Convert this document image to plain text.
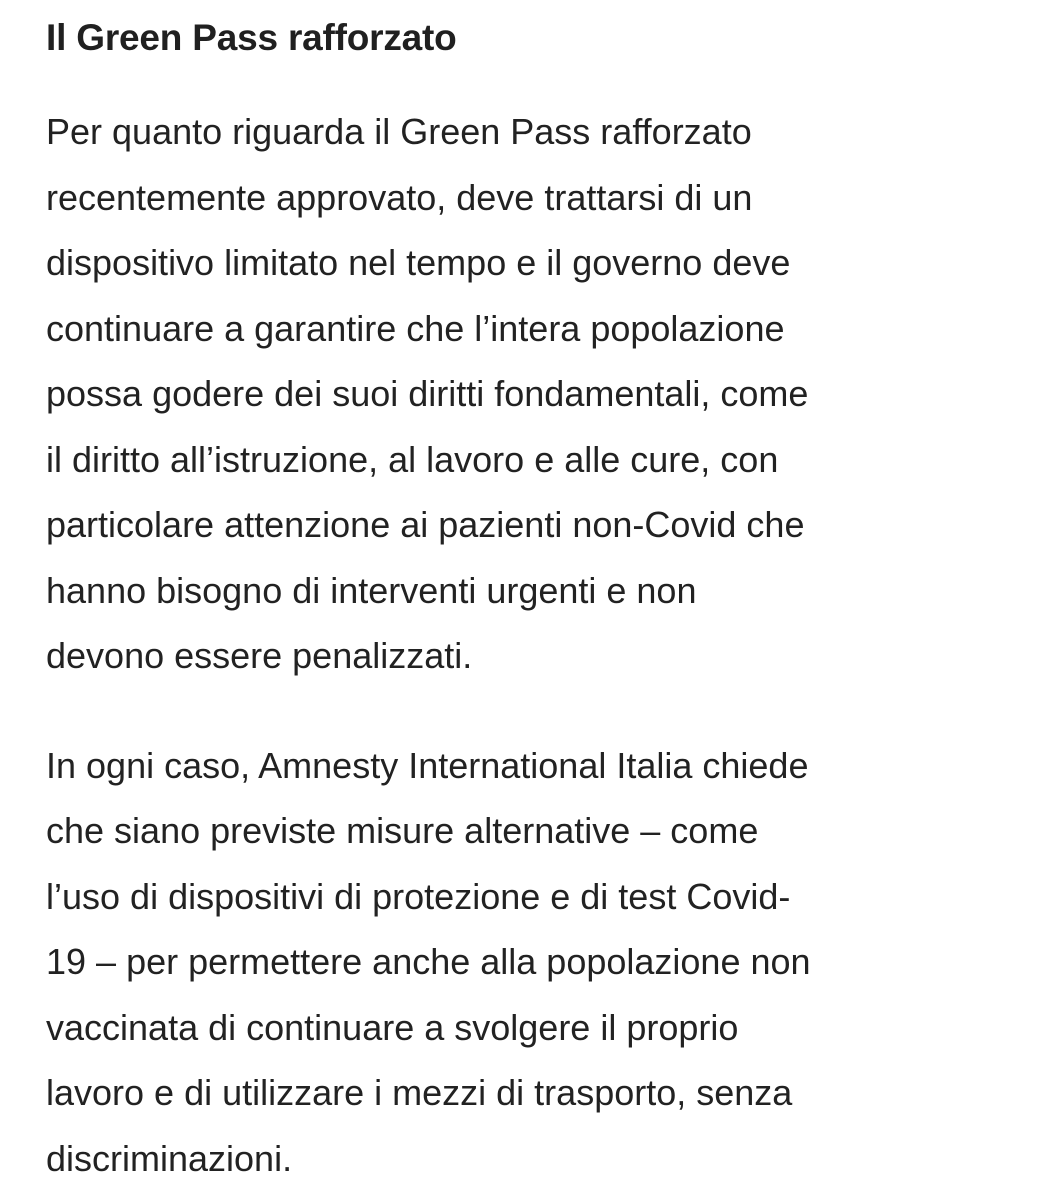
Il Green Pass rafforzato

Per quanto riguarda il Green Pass rafforzato
recentemente approvato, deve trattarsi di un
dispositivo limitato nel tempo e il governo deve
continuare a garantire che l’intera popolazione
possa godere dei suoi diritti fondamentali, come
il diritto all’istruzione, al lavoro e alle cure, con
particolare attenzione ai pazienti non-Covid che
hanno bisogno di interventi urgenti e non
devono essere penalizzati.

In ogni caso, Amnesty International Italia chiede
che siano previste misure alternative – come
l’uso di dispositivi di protezione e di test Covid-
19 – per permettere anche alla popolazione non
vaccinata di continuare a svolgere il proprio
lavoro e di utilizzare i mezzi di trasporto, senza
discriminazioni.
